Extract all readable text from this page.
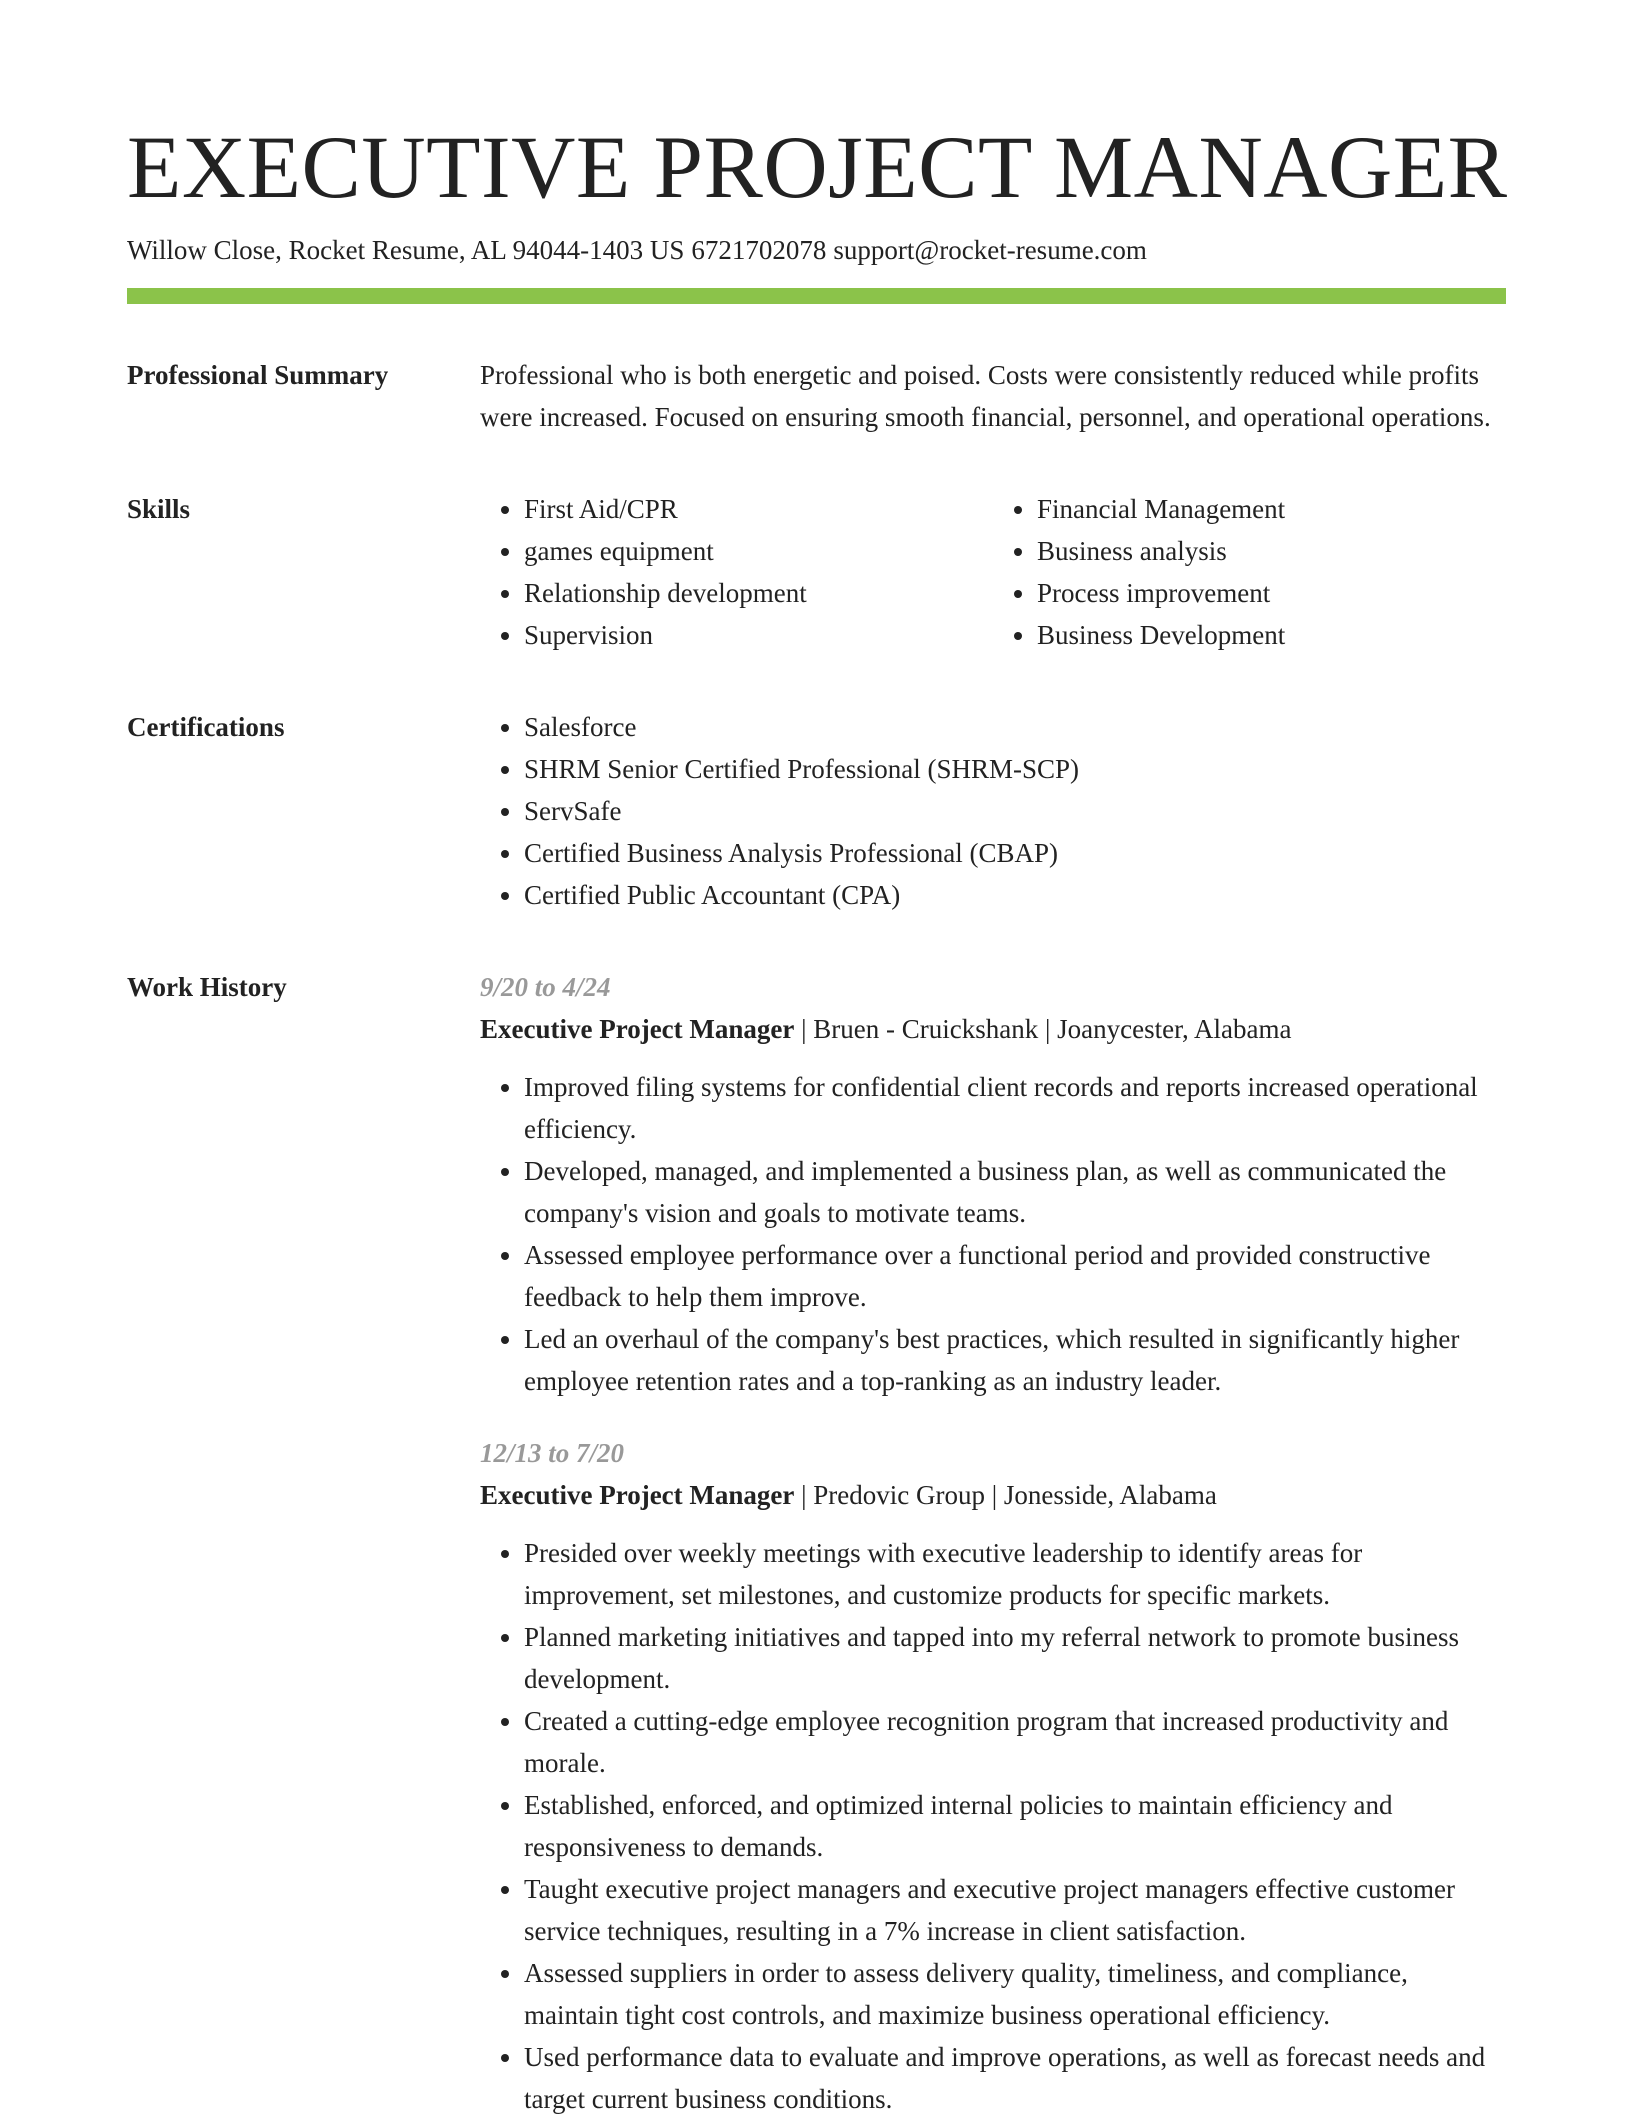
EXECUTIVE PROJECT MANAGER
Willow Close, Rocket Resume, AL 94044-1403 US 6721702078 support@rocket-resume.com
Professional Summary	Professional who is both energetic and poised. Costs were consistently reduced while profits were increased. Focused on ensuring smooth financial, personnel, and operational operations.

Skills	• First Aid/CPR
• games equipment
• Relationship development
• Supervision
• Financial Management
• Business analysis
• Process improvement
• Business Development
Certifications	• Salesforce
• SHRM Senior Certified Professional (SHRM-SCP)
• ServSafe
• Certified Business Analysis Professional (CBAP)
• Certified Public Accountant (CPA)
Work History	9/20 to 4/24
Executive Project Manager | Bruen - Cruickshank | Joanycester, Alabama
• Improved filing systems for confidential client records and reports increased operational efficiency.
• Developed, managed, and implemented a business plan, as well as communicated the company's vision and goals to motivate teams.
• Assessed employee performance over a functional period and provided constructive feedback to help them improve.
• Led an overhaul of the company's best practices, which resulted in significantly higher employee retention rates and a top-ranking as an industry leader.
12/13 to 7/20
Executive Project Manager | Predovic Group | Jonesside, Alabama
• Presided over weekly meetings with executive leadership to identify areas for improvement, set milestones, and customize products for specific markets.
• Planned marketing initiatives and tapped into my referral network to promote business development.
• Created a cutting-edge employee recognition program that increased productivity and morale.
• Established, enforced, and optimized internal policies to maintain efficiency and responsiveness to demands.
• Taught executive project managers and executive project managers effective customer service techniques, resulting in a 7% increase in client satisfaction.
• Assessed suppliers in order to assess delivery quality, timeliness, and compliance, maintain tight cost controls, and maximize business operational efficiency.
• Used performance data to evaluate and improve operations, as well as forecast needs and target current business conditions.
